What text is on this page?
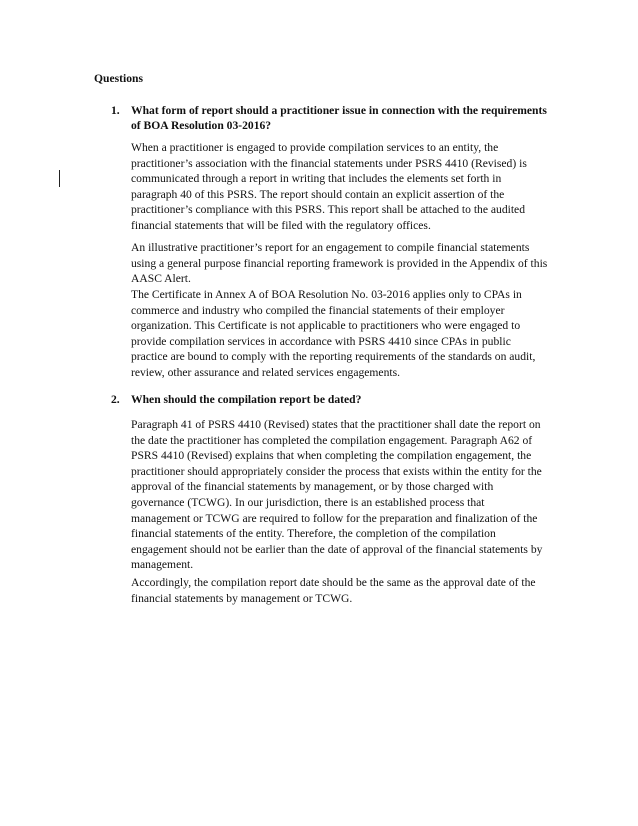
Questions
1. What form of report should a practitioner issue in connection with the requirements
of BOA Resolution 03-2016?
When a practitioner is engaged to provide compilation services to an entity, the
practitioner’s association with the financial statements under PSRS 4410 (Revised) is
communicated through a report in writing that includes the elements set forth in
paragraph 40 of this PSRS. The report should contain an explicit assertion of the
practitioner’s compliance with this PSRS. This report shall be attached to the audited
financial statements that will be filed with the regulatory offices.
An illustrative practitioner’s report for an engagement to compile financial statements
using a general purpose financial reporting framework is provided in the Appendix of this
AASC Alert.
The Certificate in Annex A of BOA Resolution No. 03-2016 applies only to CPAs in
commerce and industry who compiled the financial statements of their employer
organization. This Certificate is not applicable to practitioners who were engaged to
provide compilation services in accordance with PSRS 4410 since CPAs in public
practice are bound to comply with the reporting requirements of the standards on audit,
review, other assurance and related services engagements.
2. When should the compilation report be dated?
Paragraph 41 of PSRS 4410 (Revised) states that the practitioner shall date the report on
the date the practitioner has completed the compilation engagement. Paragraph A62 of
PSRS 4410 (Revised) explains that when completing the compilation engagement, the
practitioner should appropriately consider the process that exists within the entity for the
approval of the financial statements by management, or by those charged with
governance (TCWG). In our jurisdiction, there is an established process that
management or TCWG are required to follow for the preparation and finalization of the
financial statements of the entity. Therefore, the completion of the compilation
engagement should not be earlier than the date of approval of the financial statements by
management.
Accordingly, the compilation report date should be the same as the approval date of the
financial statements by management or TCWG.
